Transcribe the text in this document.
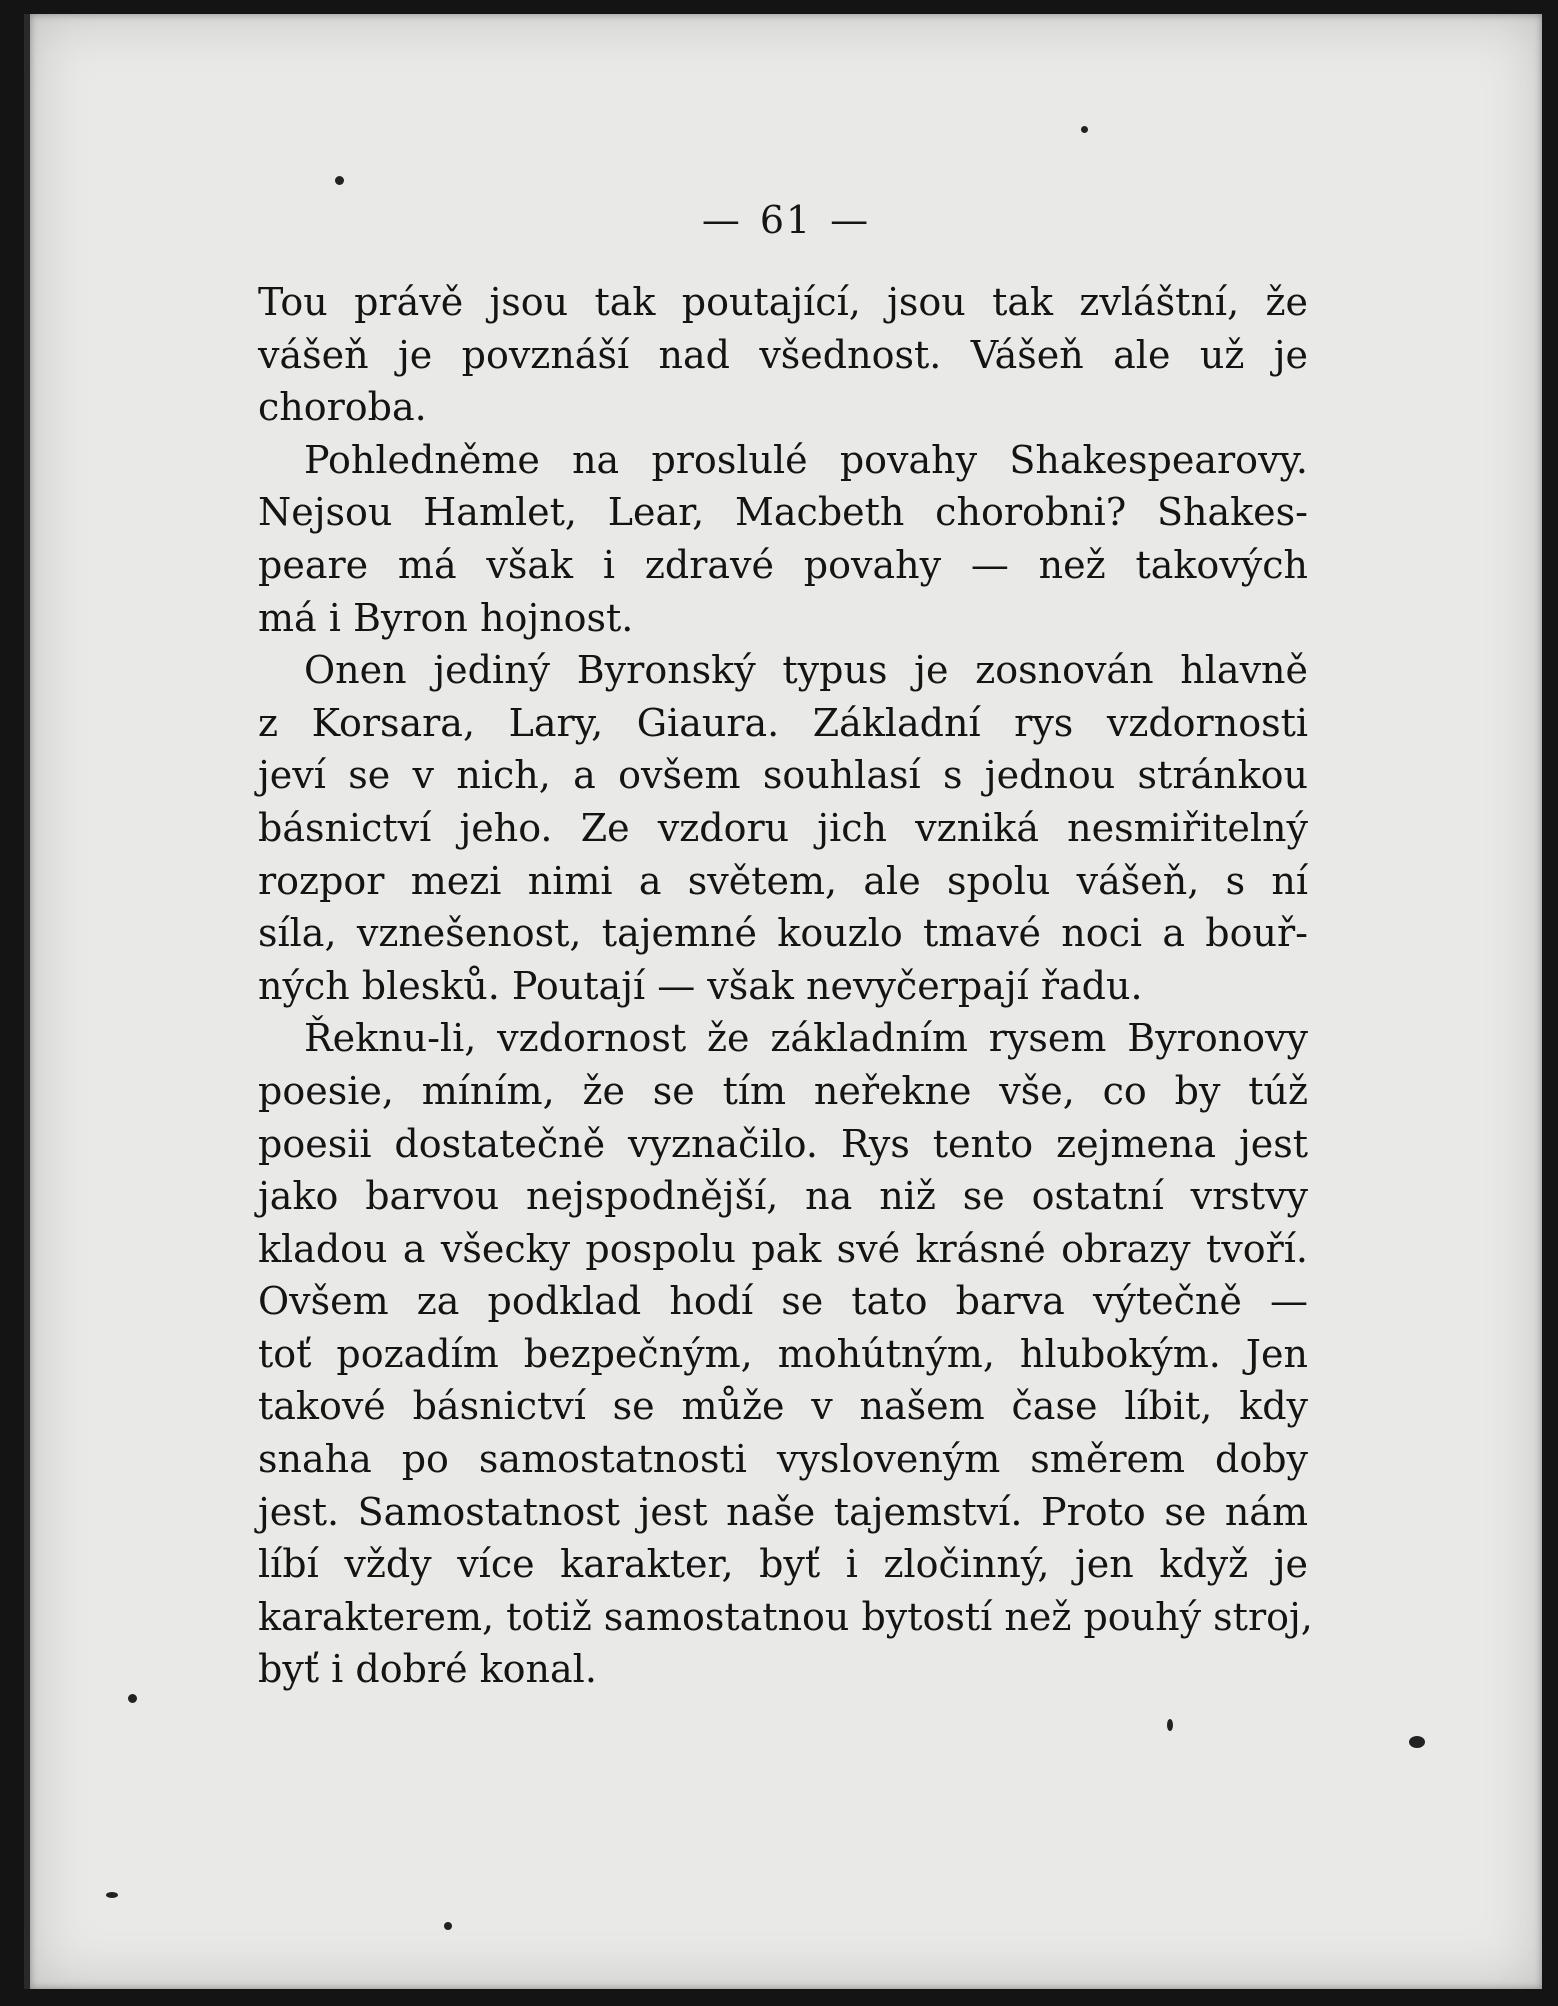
— 61 —
Tou právě jsou tak poutající, jsou tak zvláštní, že
vášeň je povznáší nad všednost. Vášeň ale už je
choroba.
Pohledněme na proslulé povahy Shakespearovy.
Nejsou Hamlet, Lear, Macbeth chorobni? Shakes-
peare má však i zdravé povahy — než takových
má i Byron hojnost.
Onen jediný Byronský typus je zosnován hlavně
z Korsara, Lary, Giaura. Základní rys vzdornosti
jeví se v nich, a ovšem souhlasí s jednou stránkou
básnictví jeho. Ze vzdoru jich vzniká nesmiřitelný
rozpor mezi nimi a světem, ale spolu vášeň, s ní
síla, vznešenost, tajemné kouzlo tmavé noci a bouř-
ných blesků. Poutají — však nevyčerpají řadu.
Řeknu-li, vzdornost že základním rysem Byronovy
poesie, míním, že se tím neřekne vše, co by túž
poesii dostatečně vyznačilo. Rys tento zejmena jest
jako barvou nejspodnější, na niž se ostatní vrstvy
kladou a všecky pospolu pak své krásné obrazy tvoří.
Ovšem za podklad hodí se tato barva výtečně —
toť pozadím bezpečným, mohútným, hlubokým. Jen
takové básnictví se může v našem čase líbit, kdy
snaha po samostatnosti vysloveným směrem doby
jest. Samostatnost jest naše tajemství. Proto se nám
líbí vždy více karakter, byť i zločinný, jen když je
karakterem, totiž samostatnou bytostí než pouhý stroj,
byť i dobré konal.
